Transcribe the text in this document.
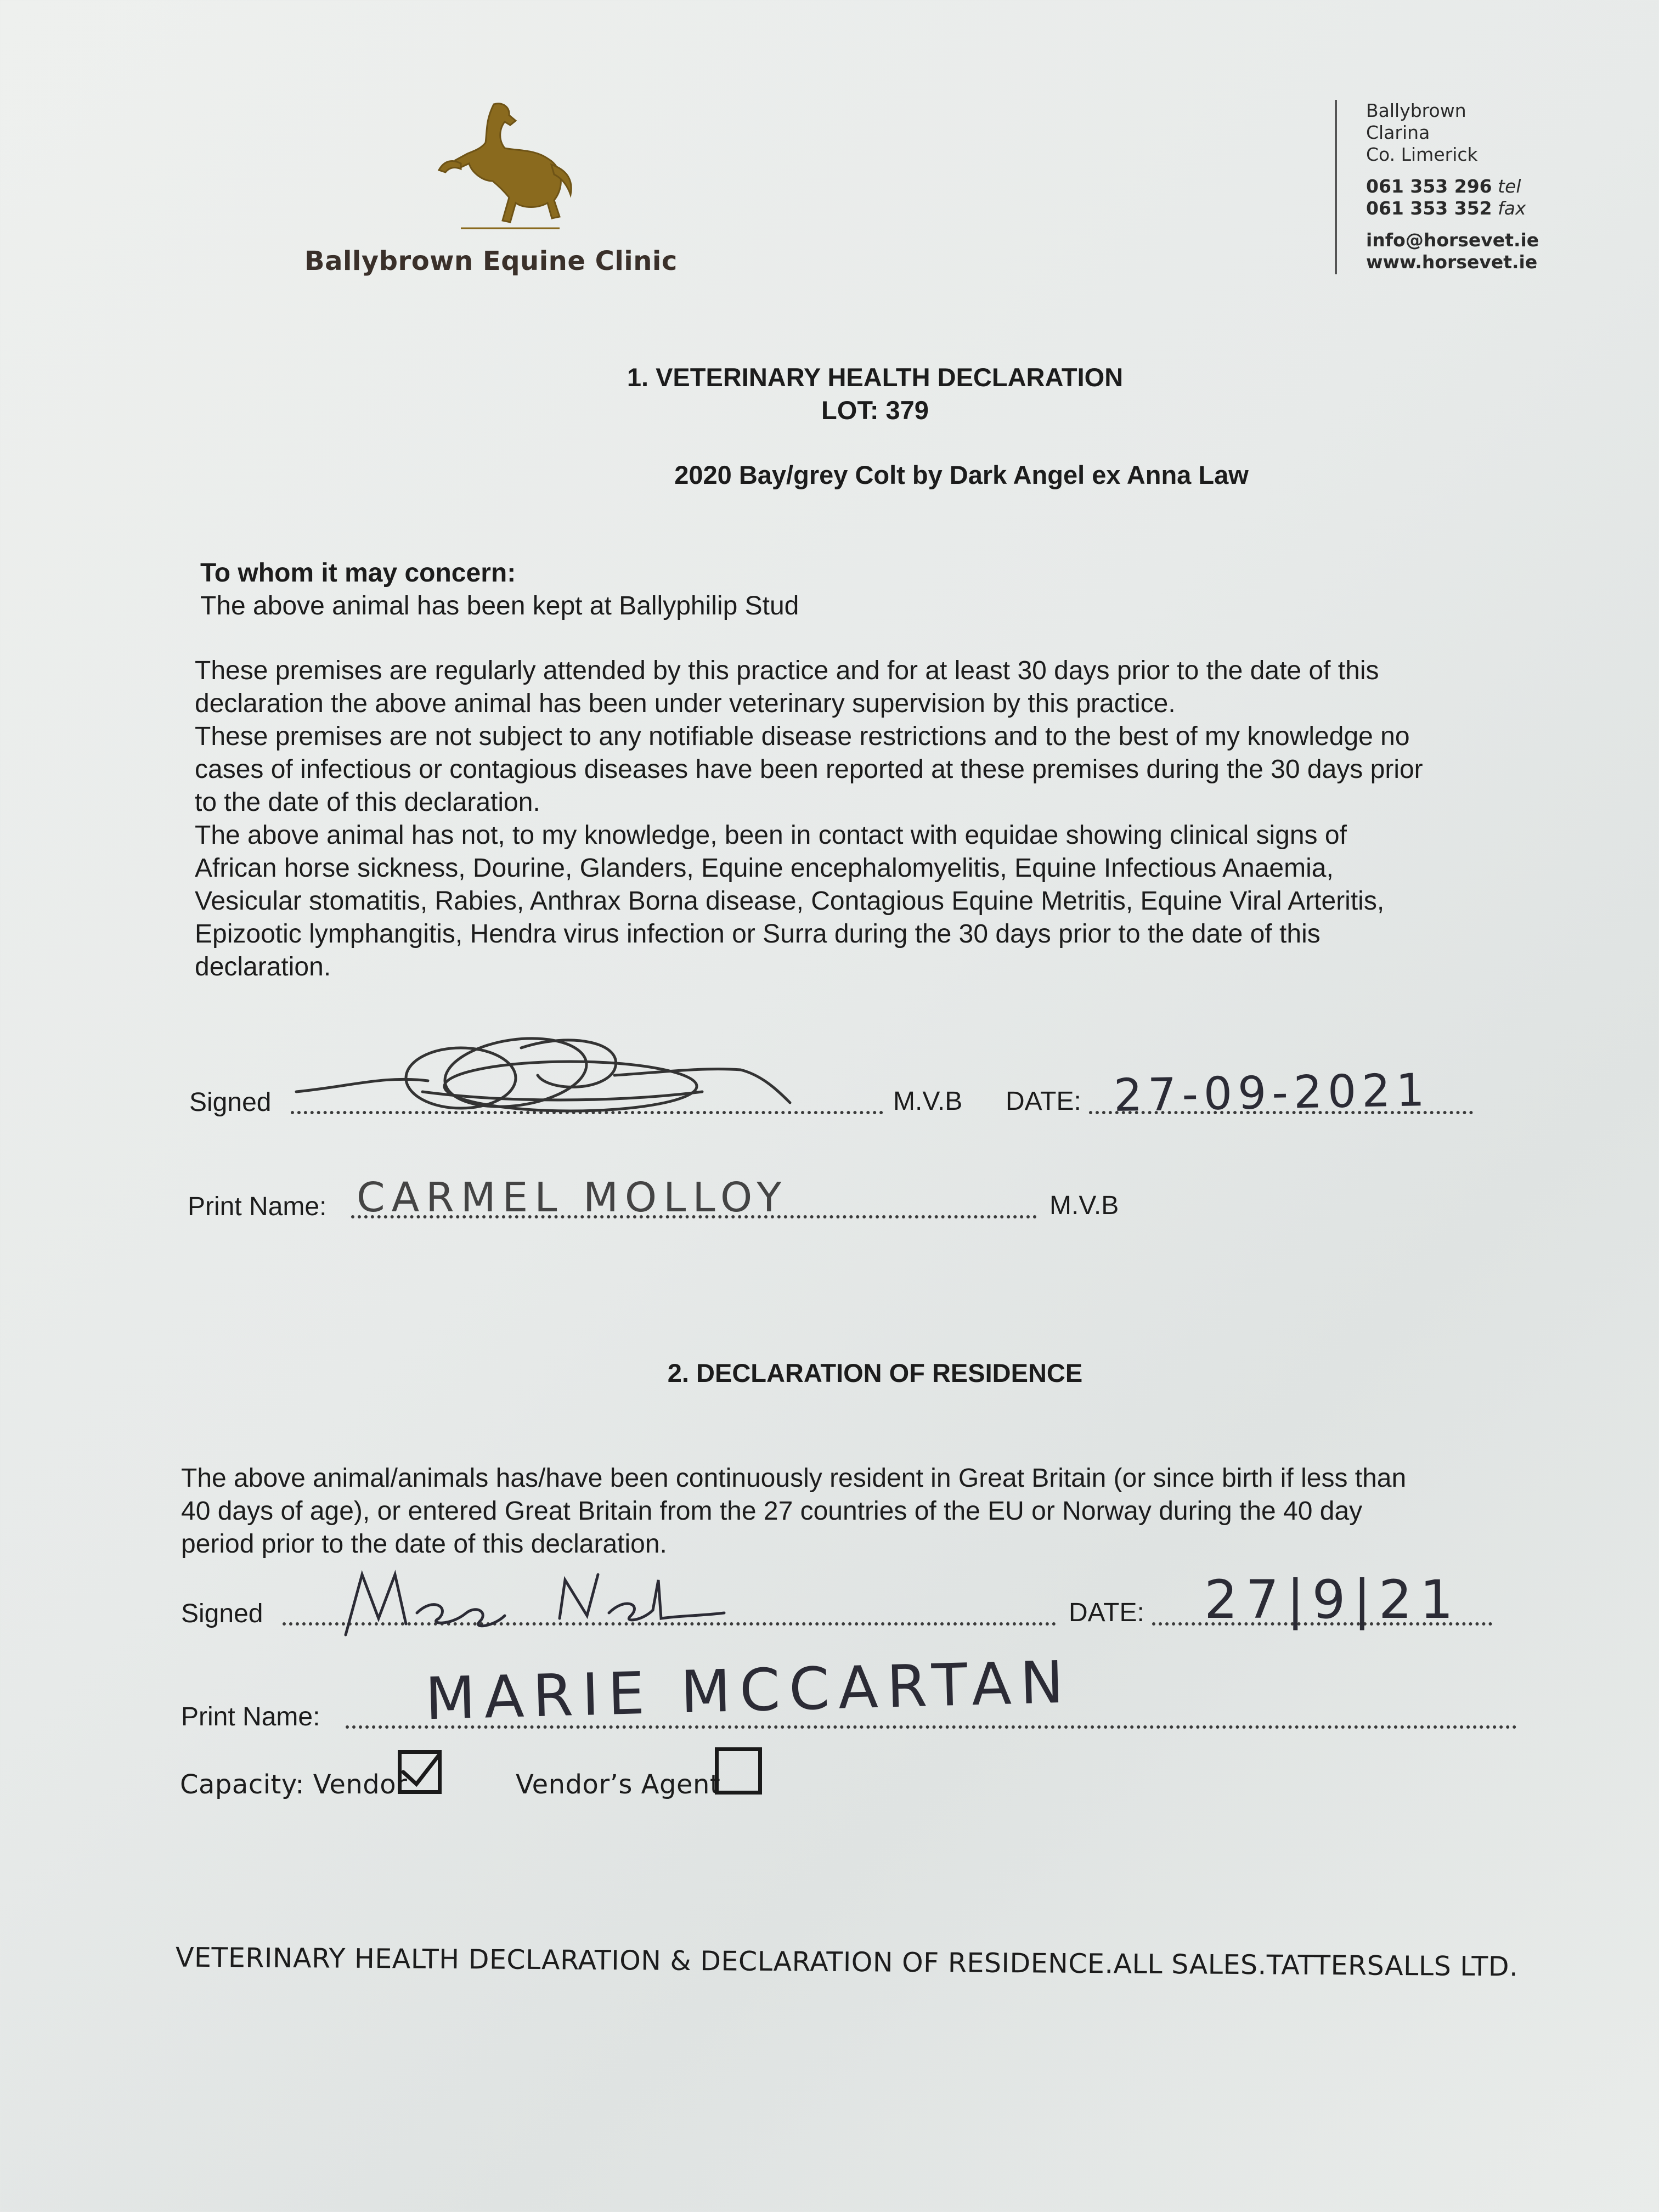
Ballybrown Equine Clinic
Ballybrown
Clarina
Co. Limerick
061 353 296 tel
061 353 352 fax
info@horsevet.ie
www.horsevet.ie
1. VETERINARY HEALTH DECLARATION
LOT: 379
2020 Bay/grey Colt by Dark Angel ex Anna Law
To whom it may concern:
The above animal has been kept at Ballyphilip Stud
These premises are regularly attended by this practice and for at least 30 days prior to the date of this
declaration the above animal has been under veterinary supervision by this practice.
These premises are not subject to any notifiable disease restrictions and to the best of my knowledge no
cases of infectious or contagious diseases have been reported at these premises during the 30 days prior
to the date of this declaration.
The above animal has not, to my knowledge, been in contact with equidae showing clinical signs of
African horse sickness, Dourine, Glanders, Equine encephalomyelitis, Equine Infectious Anaemia,
Vesicular stomatitis, Rabies, Anthrax Borna disease, Contagious Equine Metritis, Equine Viral Arteritis,
Epizootic lymphangitis, Hendra virus infection or Surra during the 30 days prior to the date of this
declaration.
Signed	M.V.B DATE: 27-09-2021
Print Name: CARMEL MOLLOY	M.V.B
2. DECLARATION OF RESIDENCE
The above animal/animals has/have been continuously resident in Great Britain (or since birth if less than
40 days of age), or entered Great Britain from the 27 countries of the EU or Norway during the 40 day
period prior to the date of this declaration.
Signed	DATE: 27|9|21
Print Name: MARIE MCCARTAN
Capacity: Vendor	Vendor’s Agent
VETERINARY HEALTH DECLARATION & DECLARATION OF RESIDENCE.ALL SALES.TATTERSALLS LTD.
